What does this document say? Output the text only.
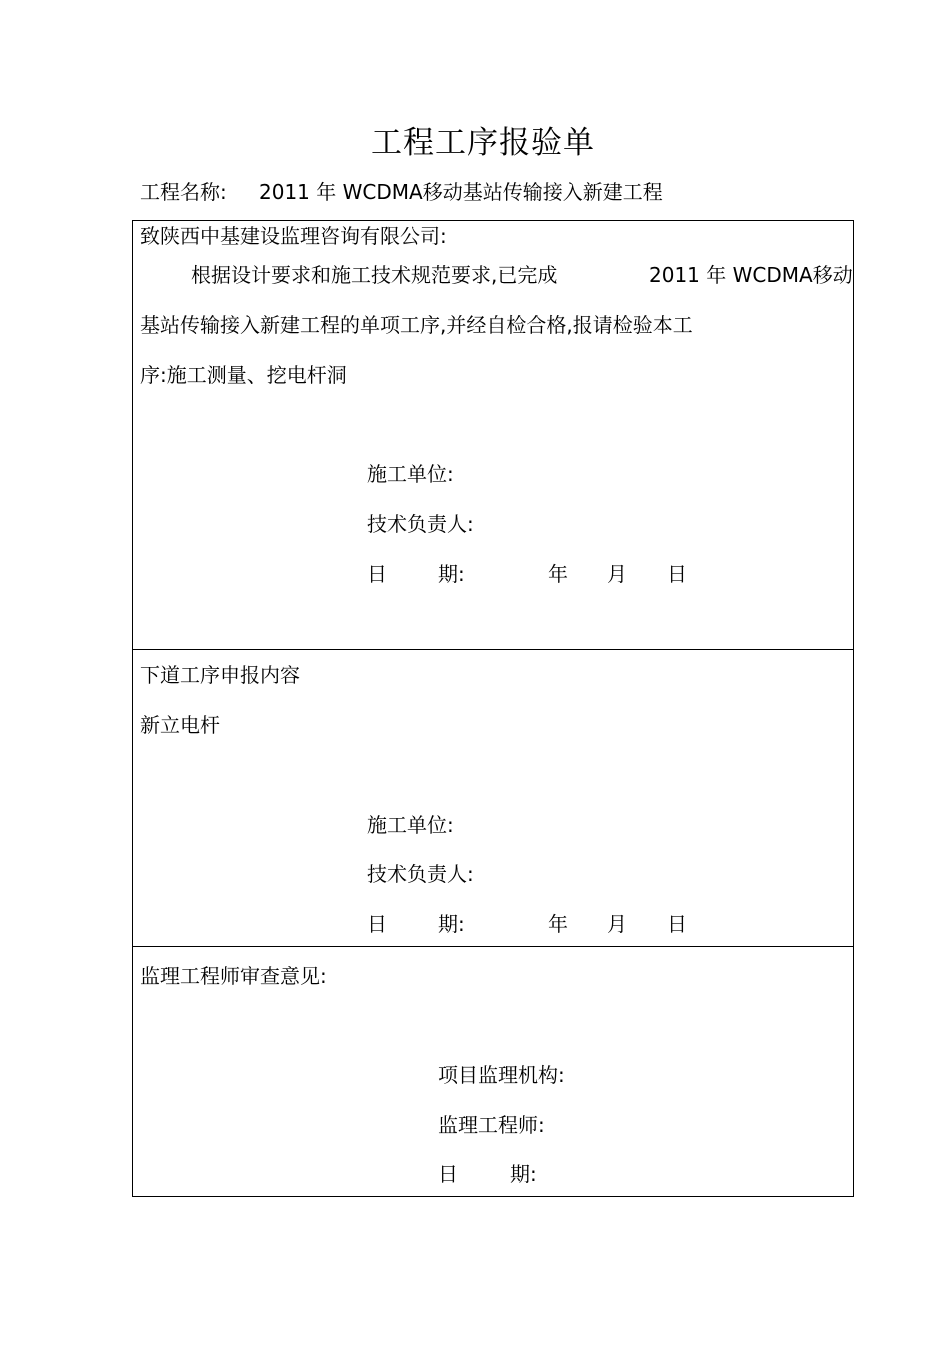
工程工序报验单
工程名称: 2011 年 WCDMA移动基站传输接入新建工程
致陕西中基建设监理咨询有限公司:
根据设计要求和施工技术规范要求,已完成	2011 年 WCDMA移动
基站传输接入新建工程的单项工序,并经自检合格,报请检验本工
序:施工测量、挖电杆洞
施工单位:
技术负责人:
日	期:	年 月 日
下道工序申报内容
新立电杆
施工单位:
技术负责人:
日	期:	年 月 日
监理工程师审查意见:
项目监理机构:
监理工程师:
日	期:
